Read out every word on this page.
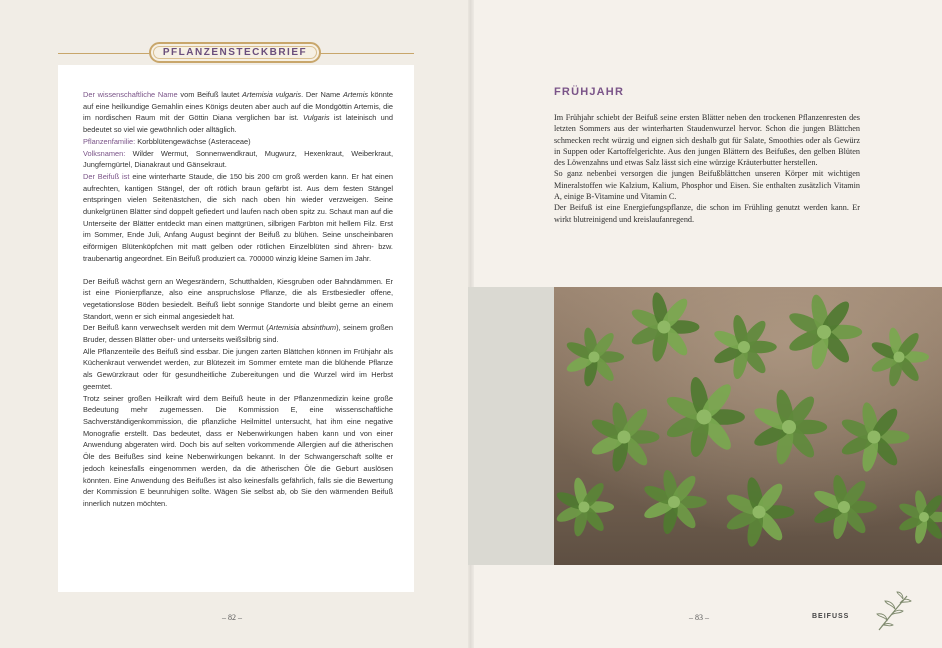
PFLANZENSTECKBRIEF

Der wissenschaftliche Name vom Beifuß lautet Artemisia vulgaris. Der Name Artemis könnte auf eine heilkundige Gemahlin eines Königs deuten aber auch auf die Mondgöttin Artemis, die im nordischen Raum mit der Göttin Diana verglichen bar ist. Vulgaris ist lateinisch und bedeutet so viel wie gewöhnlich oder alltäglich.

Pflanzenfamilie: Korbblütengewächse (Asteraceae)

Volksnamen: Wilder Wermut, Sonnenwendkraut, Mugwurz, Hexenkraut, Weiberkraut, Jungferngürtel, Dianakraut und Gänsekraut.

Der Beifuß ist eine winterharte Staude, die 150 bis 200 cm groß werden kann. Er hat einen aufrechten, kantigen Stängel, der oft rötlich braun gefärbt ist. Aus dem festen Stängel entspringen vielen Seitenästchen, die sich nach oben hin wieder verzweigen. Seine dunkelgrünen Blätter sind doppelt gefiedert und laufen nach oben spitz zu. Schaut man auf die Unterseite der Blätter entdeckt man einen mattgrünen, silbrigen Farbton mit hellem Filz. Erst im Sommer, Ende Juli, Anfang August beginnt der Beifuß zu blühen. Seine unscheinbaren eiförmigen Blütenköpfchen mit matt gelben oder rötlichen Einzelblüten sind ähren- bzw. traubenartig angeordnet. Ein Beifuß produziert ca. 700000 winzig kleine Samen im Jahr.

Der Beifuß wächst gern an Wegesrändern, Schutthalden, Kiesgruben oder Bahndämmen. Er ist eine Pionierpflanze, also eine anspruchslose Pflanze, die als Erstbesiedler offene, vegetationslose Böden besiedelt. Beifuß liebt sonnige Standorte und bleibt gerne an einem Standort, wenn er sich einmal angesiedelt hat.

Der Beifuß kann verwechselt werden mit dem Wermut (Artemisia absinthum), seinem großen Bruder, dessen Blätter ober- und unterseits weißsilbrig sind.

Alle Pflanzenteile des Beifuß sind essbar. Die jungen zarten Blättchen können im Frühjahr als Küchenkraut verwendet werden, zur Blütezeit im Sommer erntete man die blühende Pflanze als Gewürzkraut oder für gesundheitliche Zubereitungen und die Wurzel wird im Herbst geerntet.

Trotz seiner großen Heilkraft wird dem Beifuß heute in der Pflanzenmedizin keine große Bedeutung mehr zugemessen. Die Kommission E, eine wissenschaftliche Sachverständigenkommission, die pflanzliche Heilmittel untersucht, hat ihm eine negative Monografie erstellt. Das bedeutet, dass er Nebenwirkungen haben kann und von einer Anwendung abgeraten wird. Doch bis auf selten vorkommende Allergien auf die ätherischen Öle des Beifußes sind keine Nebenwirkungen bekannt. In der Schwangerschaft sollte er jedoch keinesfalls eingenommen werden, da die ätherischen Öle die Geburt auslösen könnten. Eine Anwendung des Beifußes ist also keinesfalls gefährlich, falls sie die Bewertung der Kommission E beunruhigen sollte. Wägen Sie selbst ab, ob Sie den wärmenden Beifuß innerlich nutzen möchten.

– 82 –
FRÜHJAHR

Im Frühjahr schiebt der Beifuß seine ersten Blätter neben den trockenen Pflanzenresten des letzten Sommers aus der winterharten Staudenwurzel hervor. Schon die jungen Blättchen schmecken recht würzig und eignen sich deshalb gut für Salate, Smoothies oder als Gewürz in Suppen oder Kartoffelgerichte. Aus den jungen Blättern des Beifußes, den gelben Blüten des Löwenzahns und etwas Salz lässt sich eine würzige Kräuterbutter herstellen.

So ganz nebenbei versorgen die jungen Beifußblättchen unseren Körper mit wichtigen Mineralstoffen wie Kalzium, Kalium, Phosphor und Eisen. Sie enthalten zusätzlich Vitamin A, einige B-Vitamine und Vitamin C.

Der Beifuß ist eine Energiefungspflanze, die schon im Frühling genutzt werden kann. Er wirkt blutreinigend und kreislaufanregend.

– 83 –	BEIFUSS
